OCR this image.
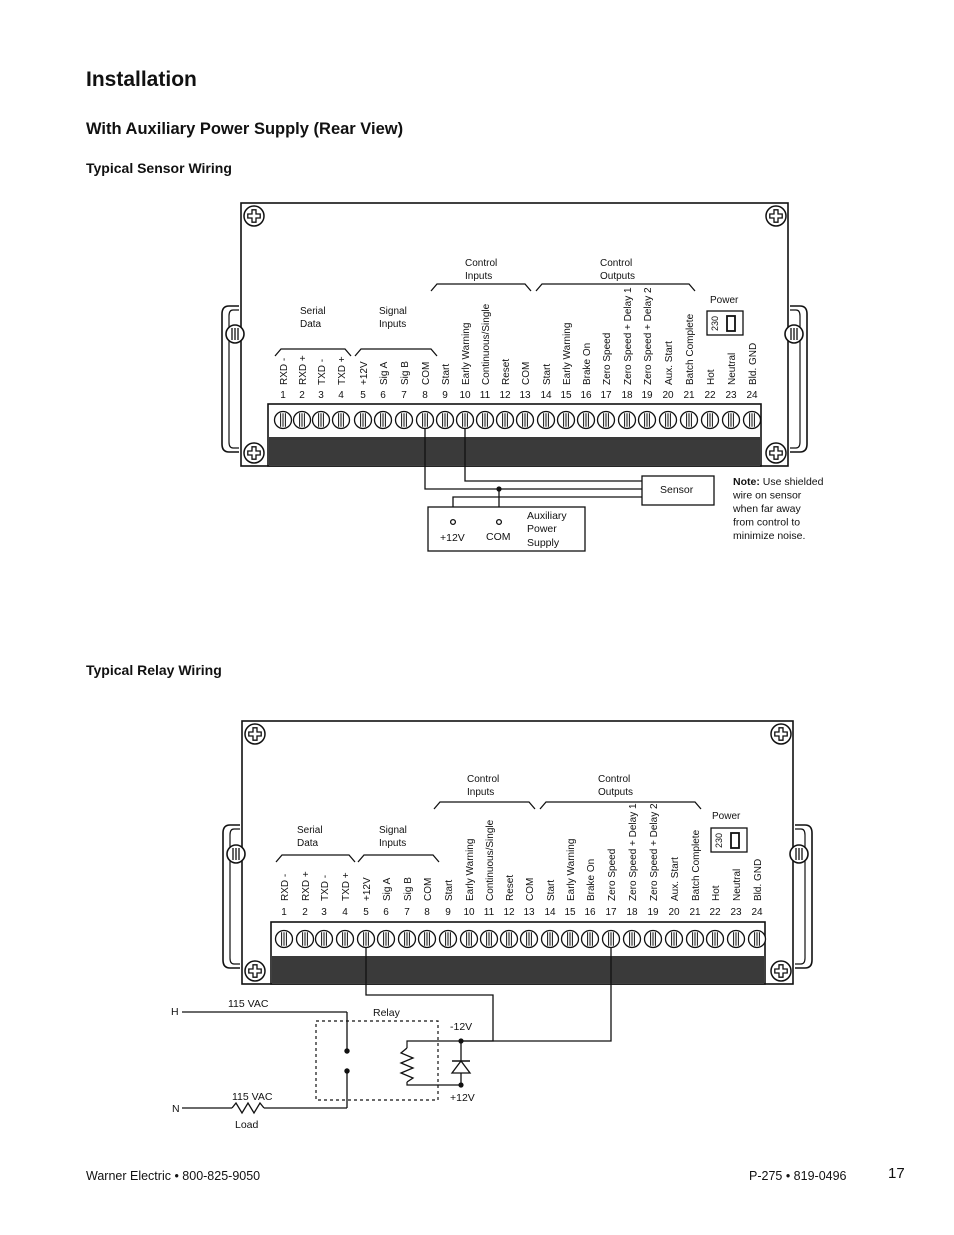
Installation
With Auxiliary Power Supply (Rear View)
Typical Sensor Wiring
Typical Relay Wiring
RXD -
1
RXD +
2
TXD -
3
TXD +
4
+12V
5
Sig A
6
Sig B
7
COM
8
Start
9
Early Warning
10
Continuous/Single
11
Reset
12
COM
13
Start
14
Early Warning
15
Brake On
16
Zero Speed
17
Zero Speed + Delay 1
18
Zero Speed + Delay 2
19
Aux. Start
20
Batch Complete
21
Hot
22
Neutral
23
Bld. GND
24
Serial
Data
Signal
Inputs
Control
Inputs
Control
Outputs
Power
230
Sensor
+12V COM
Auxiliary
Power
Supply
Note: Use shielded
wire on sensor
when far away
from control to
minimize noise.
RXD -
1
RXD +
2
TXD -
3
TXD +
4
+12V
5
Sig A
6
Sig B
7
COM
8
Start
9
Early Warning
10
Continuous/Single
11
Reset
12
COM
13
Start
14
Early Warning
15
Brake On
16
Zero Speed
17
Zero Speed + Delay 1
18
Zero Speed + Delay 2
19
Aux. Start
20
Batch Complete
21
Hot
22
Neutral
23
Bld. GND
24
Serial
Data
Signal
Inputs
Control
Inputs
Control
Outputs
Power
230
Relay
-12V
+12V
H
N
115 VAC
115 VAC
Load
Warner Electric • 800-825-9050	P-275 • 819-0496	17
